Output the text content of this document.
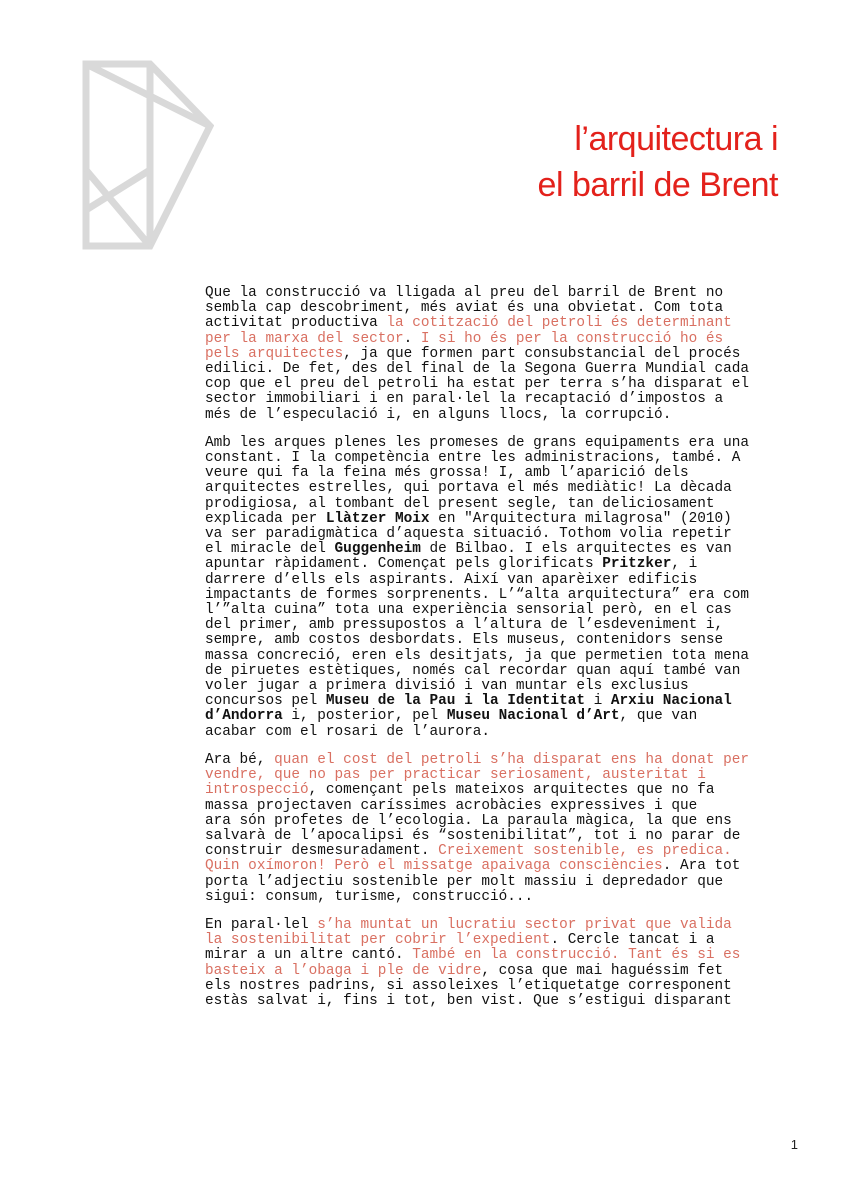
l’arquitectura i
el barril de Brent

Que la construcció va lligada al preu del barril de Brent no
sembla cap descobriment, més aviat és una obvietat. Com tota
activitat productiva la cotització del petroli és determinant
per la marxa del sector. I si ho és per la construcció ho és
pels arquitectes, ja que formen part consubstancial del procés
edilici. De fet, des del final de la Segona Guerra Mundial cada
cop que el preu del petroli ha estat per terra s’ha disparat el
sector immobiliari i en paral·lel la recaptació d’impostos a
més de l’especulació i, en alguns llocs, la corrupció.

Amb les arques plenes les promeses de grans equipaments era una
constant. I la competència entre les administracions, també. A
veure qui fa la feina més grossa! I, amb l’aparició dels
arquitectes estrelles, qui portava el més mediàtic! La dècada
prodigiosa, al tombant del present segle, tan deliciosament
explicada per Llàtzer Moix en "Arquitectura milagrosa" (2010)
va ser paradigmàtica d’aquesta situació. Tothom volia repetir
el miracle del Guggenheim de Bilbao. I els arquitectes es van
apuntar ràpidament. Començat pels glorificats Pritzker, i
darrere d’ells els aspirants. Així van aparèixer edificis
impactants de formes sorprenents. L’“alta arquitectura” era com
l’”alta cuina” tota una experiència sensorial però, en el cas
del primer, amb pressupostos a l’altura de l’esdeveniment i,
sempre, amb costos desbordats. Els museus, contenidors sense
massa concreció, eren els desitjats, ja que permetien tota mena
de piruetes estètiques, només cal recordar quan aquí també van
voler jugar a primera divisió i van muntar els exclusius
concursos pel Museu de la Pau i la Identitat i Arxiu Nacional
d’Andorra i, posterior, pel Museu Nacional d’Art, que van
acabar com el rosari de l’aurora.

Ara bé, quan el cost del petroli s’ha disparat ens ha donat per
vendre, que no pas per practicar seriosament, austeritat i
introspecció, començant pels mateixos arquitectes que no fa
massa projectaven caríssimes acrobàcies expressives i que
ara són profetes de l’ecologia. La paraula màgica, la que ens
salvarà de l’apocalipsi és “sostenibilitat”, tot i no parar de
construir desmesuradament. Creixement sostenible, es predica.
Quin oxímoron! Però el missatge apaivaga consciències. Ara tot
porta l’adjectiu sostenible per molt massiu i depredador que
sigui: consum, turisme, construcció...

En paral·lel s’ha muntat un lucratiu sector privat que valida
la sostenibilitat per cobrir l’expedient. Cercle tancat i a
mirar a un altre cantó. També en la construcció. Tant és si es
basteix a l’obaga i ple de vidre, cosa que mai haguéssim fet
els nostres padrins, si assoleixes l’etiquetatge corresponent
estàs salvat i, fins i tot, ben vist. Que s’estigui disparant

1
